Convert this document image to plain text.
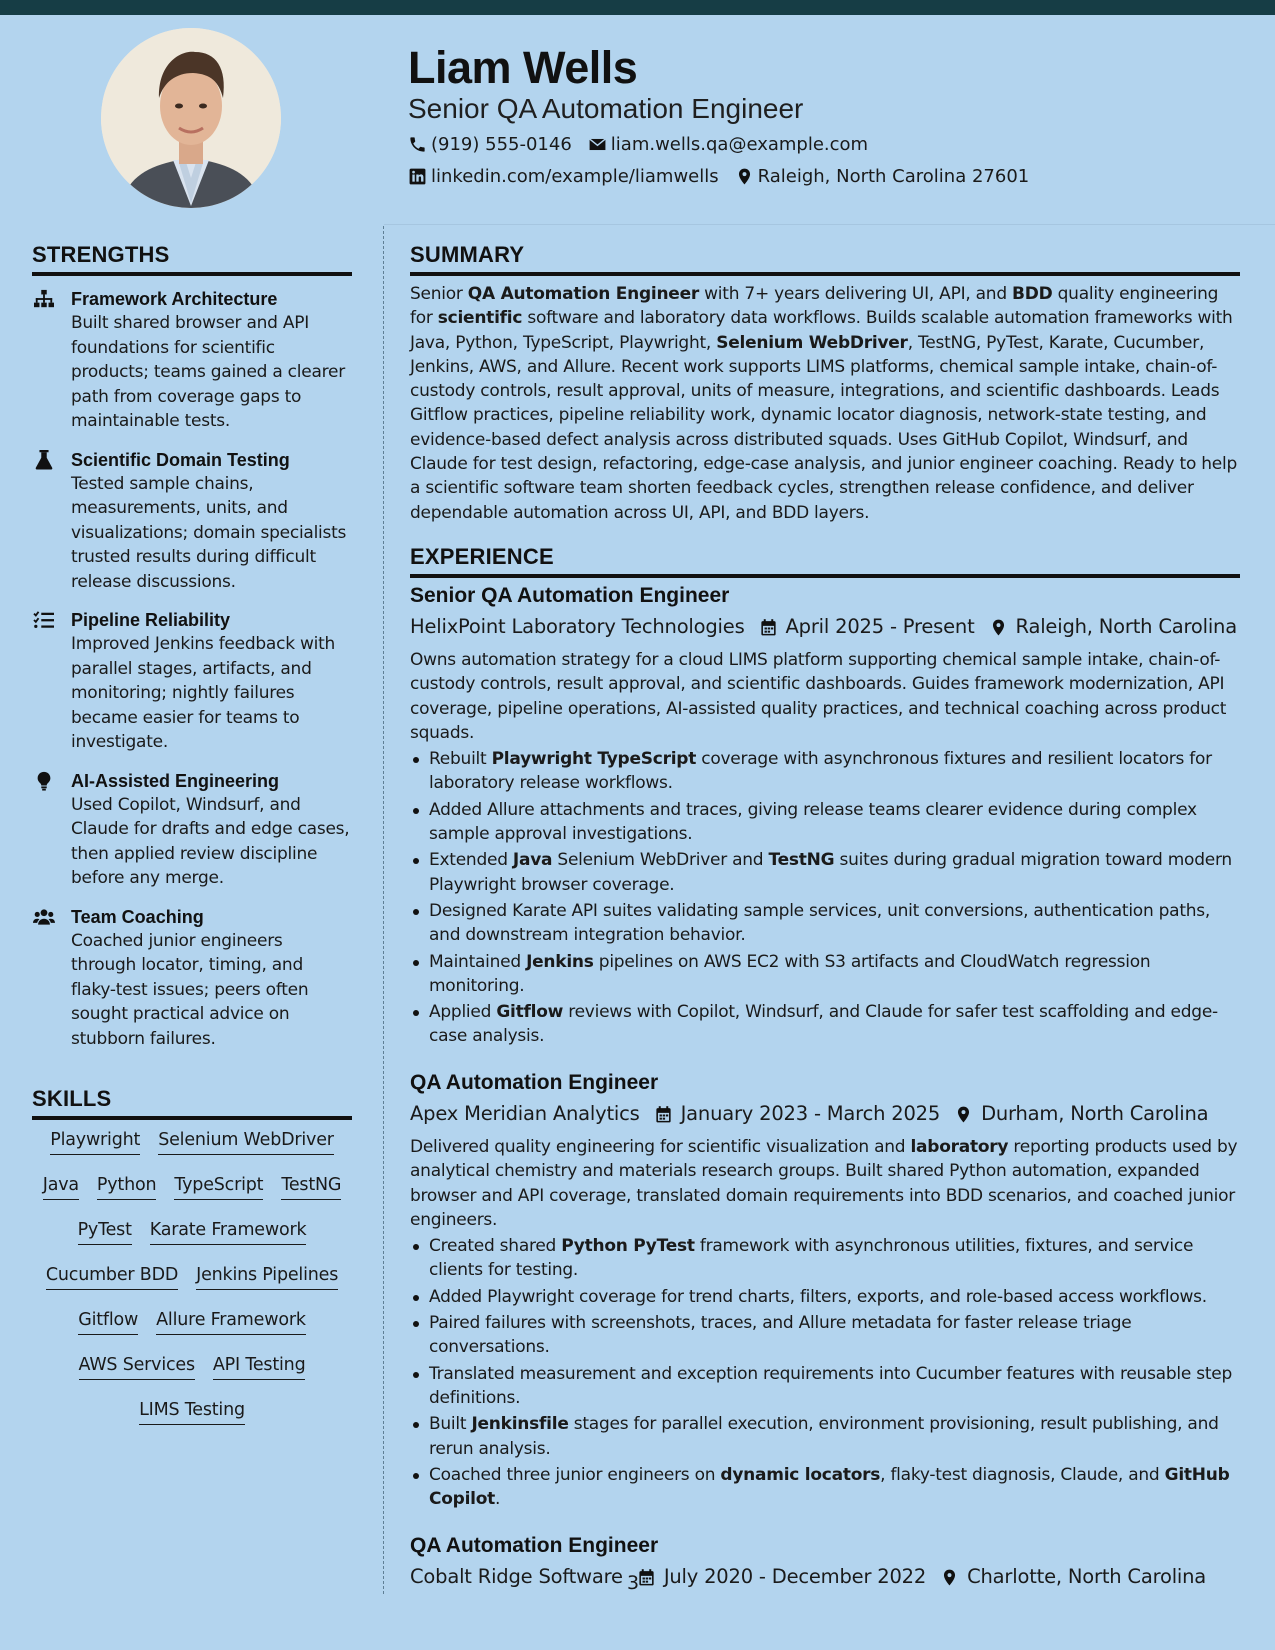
Liam Wells
Senior QA Automation Engineer
(919) 555-0146 liam.wells.qa@example.com
linkedin.com/example/liamwells Raleigh, North Carolina 27601
STRENGTHS
Framework Architecture
Built shared browser and API foundations for scientific products; teams gained a clearer path from coverage gaps to maintainable tests.
Scientific Domain Testing
Tested sample chains, measurements, units, and visualizations; domain specialists trusted results during difficult release discussions.
Pipeline Reliability
Improved Jenkins feedback with parallel stages, artifacts, and monitoring; nightly failures became easier for teams to investigate.
AI-Assisted Engineering
Used Copilot, Windsurf, and Claude for drafts and edge cases, then applied review discipline before any merge.
Team Coaching
Coached junior engineers through locator, timing, and flaky-test issues; peers often sought practical advice on stubborn failures.
SKILLS
Playwright Selenium WebDriver
Java Python TypeScript TestNG
PyTest Karate Framework
Cucumber BDD Jenkins Pipelines
Gitflow Allure Framework
AWS Services API Testing
LIMS Testing
SUMMARY
Senior QA Automation Engineer with 7+ years delivering UI, API, and BDD quality engineering for scientific software and laboratory data workflows. Builds scalable automation frameworks with Java, Python, TypeScript, Playwright, Selenium WebDriver, TestNG, PyTest, Karate, Cucumber, Jenkins, AWS, and Allure. Recent work supports LIMS platforms, chemical sample intake, chain-of-custody controls, result approval, units of measure, integrations, and scientific dashboards. Leads Gitflow practices, pipeline reliability work, dynamic locator diagnosis, network-state testing, and evidence-based defect analysis across distributed squads. Uses GitHub Copilot, Windsurf, and Claude for test design, refactoring, edge-case analysis, and junior engineer coaching. Ready to help a scientific software team shorten feedback cycles, strengthen release confidence, and deliver dependable automation across UI, API, and BDD layers.
EXPERIENCE
Senior QA Automation Engineer
HelixPoint Laboratory Technologies April 2025 - Present Raleigh, North Carolina
Owns automation strategy for a cloud LIMS platform supporting chemical sample intake, chain-of-custody controls, result approval, and scientific dashboards. Guides framework modernization, API coverage, pipeline operations, AI-assisted quality practices, and technical coaching across product squads.
Rebuilt Playwright TypeScript coverage with asynchronous fixtures and resilient locators for laboratory release workflows.
Added Allure attachments and traces, giving release teams clearer evidence during complex sample approval investigations.
Extended Java Selenium WebDriver and TestNG suites during gradual migration toward modern Playwright browser coverage.
Designed Karate API suites validating sample services, unit conversions, authentication paths, and downstream integration behavior.
Maintained Jenkins pipelines on AWS EC2 with S3 artifacts and CloudWatch regression monitoring.
Applied Gitflow reviews with Copilot, Windsurf, and Claude for safer test scaffolding and edge-case analysis.
QA Automation Engineer
Apex Meridian Analytics January 2023 - March 2025 Durham, North Carolina
Delivered quality engineering for scientific visualization and laboratory reporting products used by analytical chemistry and materials research groups. Built shared Python automation, expanded browser and API coverage, translated domain requirements into BDD scenarios, and coached junior engineers.
Created shared Python PyTest framework with asynchronous utilities, fixtures, and service clients for testing.
Added Playwright coverage for trend charts, filters, exports, and role-based access workflows.
Paired failures with screenshots, traces, and Allure metadata for faster release triage conversations.
Translated measurement and exception requirements into Cucumber features with reusable step definitions.
Built Jenkinsfile stages for parallel execution, environment provisioning, result publishing, and rerun analysis.
Coached three junior engineers on dynamic locators, flaky-test diagnosis, Claude, and GitHub Copilot.
QA Automation Engineer
Cobalt Ridge Software July 2020 - December 2022 Charlotte, North Carolina
3
